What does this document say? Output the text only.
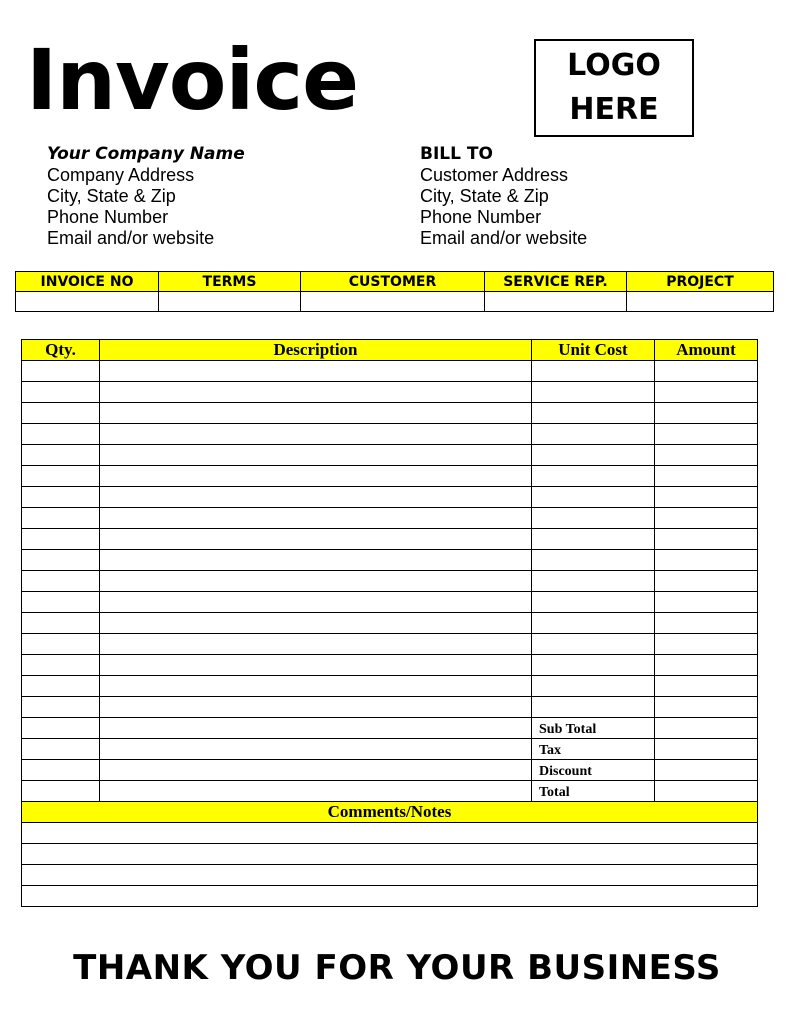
Invoice	LOGO
HERE
Your Company Name
Company Address
City, State & Zip
Phone Number
Email and/or website
BILL TO
Customer Address
City, State & Zip
Phone Number
Email and/or website
INVOICE NO	TERMS	CUSTOMER	SERVICE REP.	PROJECT

Qty.	Description	Unit Cost	Amount

		Sub Total	
		Tax	
		Discount	
		Total	
Comments/Notes			

THANK YOU FOR YOUR BUSINESS
